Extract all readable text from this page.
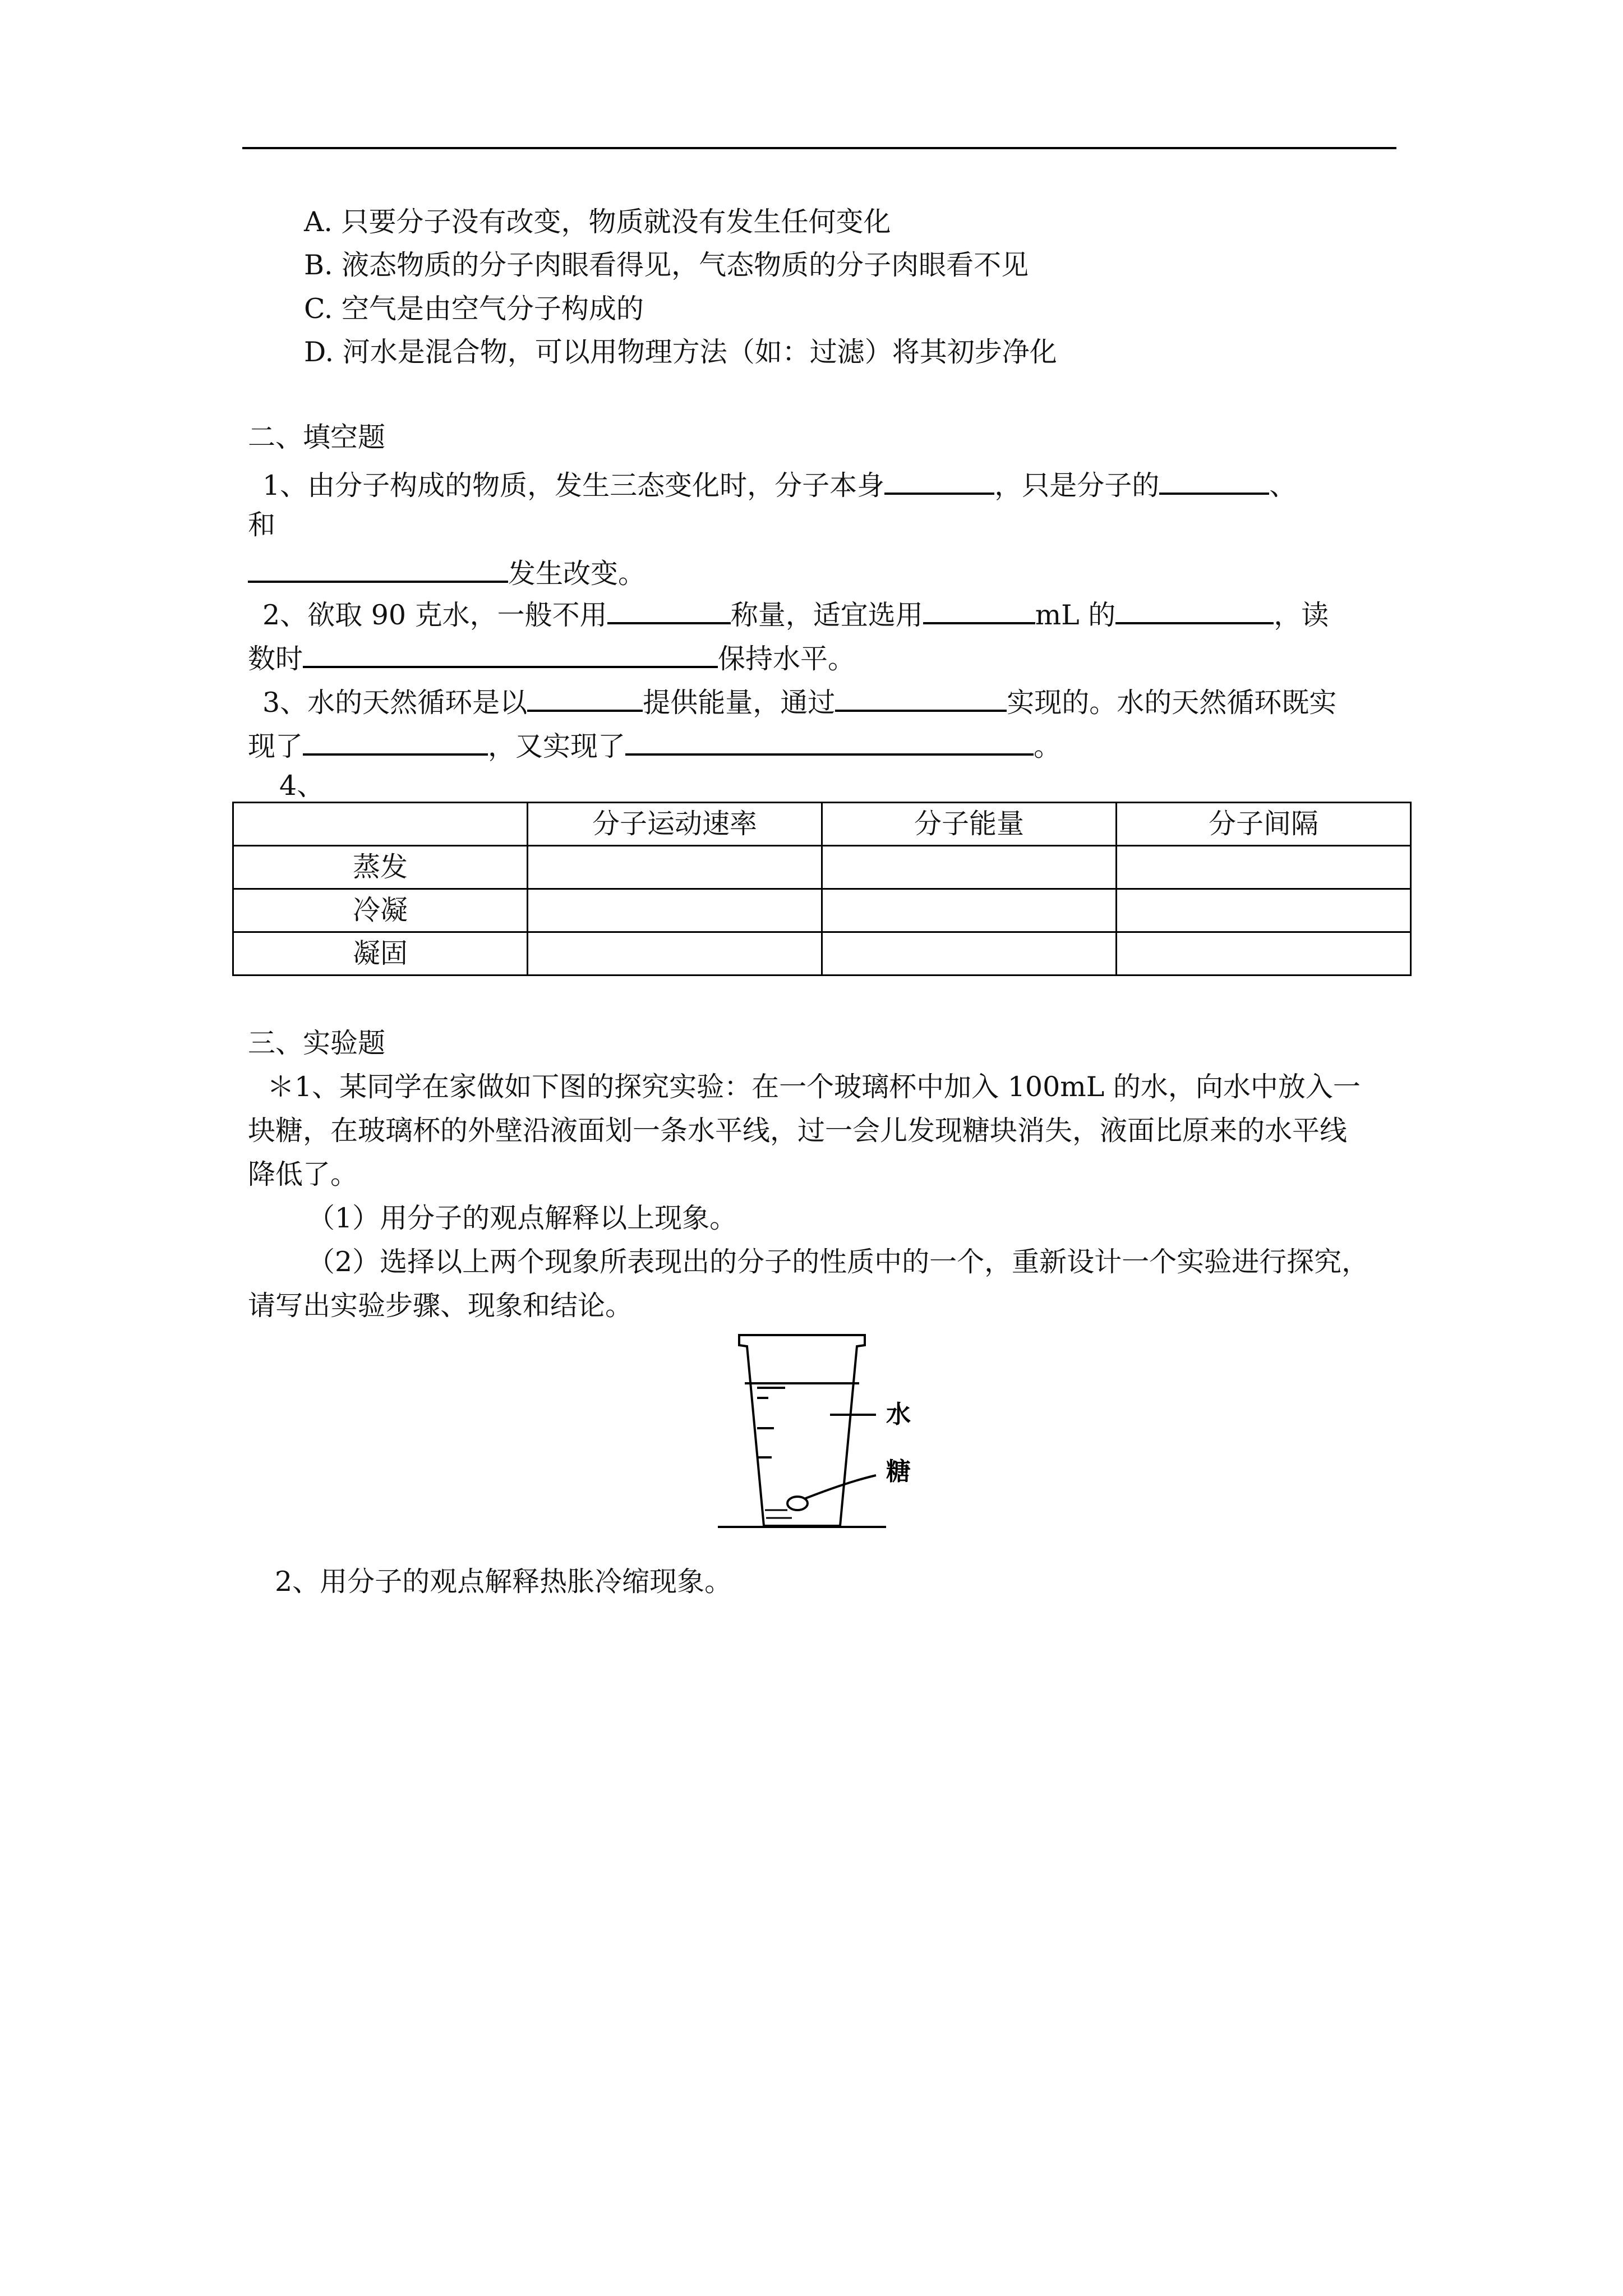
A. 只要分子没有改变，物质就没有发生任何变化
B. 液态物质的分子肉眼看得见，气态物质的分子肉眼看不见
C. 空气是由空气分子构成的
D. 河水是混合物，可以用物理方法（如：过滤）将其初步净化
二、填空题
1、由分子构成的物质，发生三态变化时，分子本身	，只是分子的	、
和
发生改变。
2、欲取 90 克水，一般不用	称量，适宜选用	mL 的	，读
数时	保持水平。
3、水的天然循环是以	提供能量，通过	实现的。水的天然循环既实
现了	，又实现了	。
4、
	分子运动速率	分子能量	分子间隔
蒸发			
冷凝			
凝固			
三、实验题
＊1、某同学在家做如下图的探究实验：在一个玻璃杯中加入 100mL 的水，向水中放入一
块糖，在玻璃杯的外壁沿液面划一条水平线，过一会儿发现糖块消失，液面比原来的水平线
降低了。
（1）用分子的观点解释以上现象。
（2）选择以上两个现象所表现出的分子的性质中的一个，重新设计一个实验进行探究，
请写出实验步骤、现象和结论。
水
糖
2、用分子的观点解释热胀冷缩现象。
